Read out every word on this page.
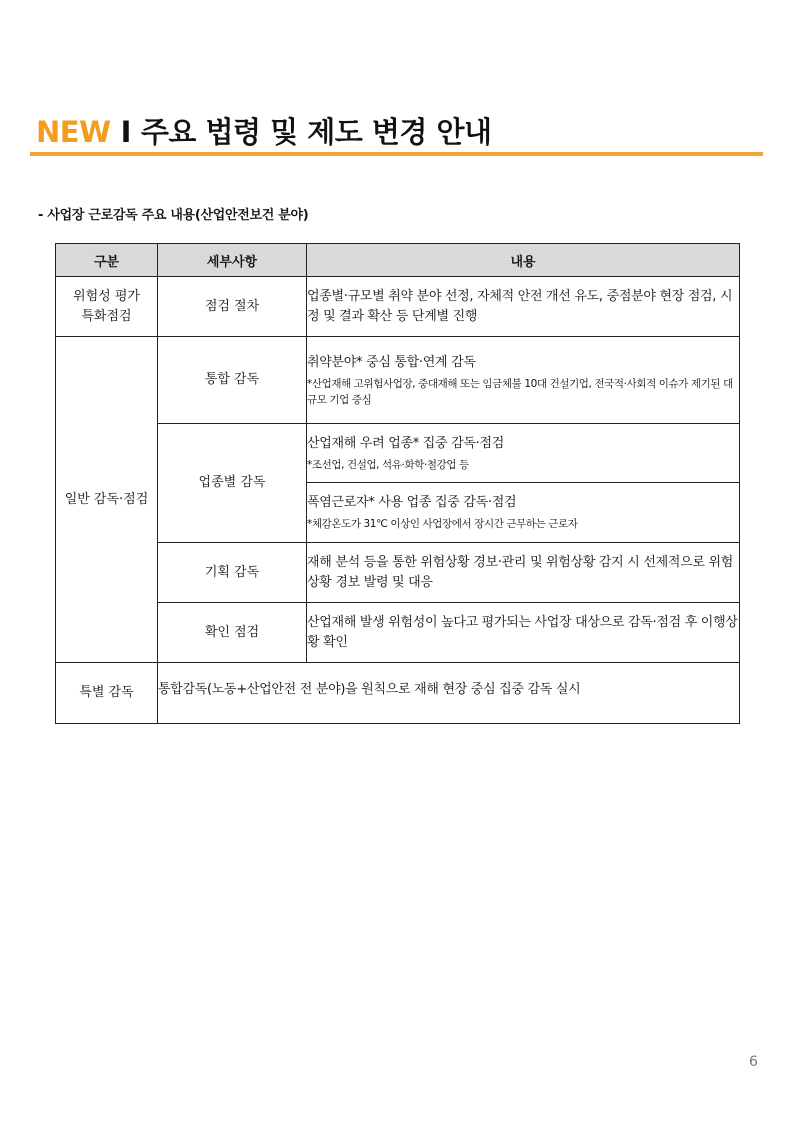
NEW I 주요 법령 및 제도 변경 안내
- 사업장 근로감독 주요 내용(산업안전보건 분야)
구분	세부사항	내용
위험성 평가
특화점검	점검 절차	업종별·규모별 취약 분야 선정, 자체적 안전 개선 유도, 중점분야 현장 점검, 시정 및 결과 확산 등 단계별 진행
일반 감독·점검	통합 감독	취약분야* 중심 통합·연계 감독
*산업재해 고위험사업장, 중대재해 또는 임금체불 10대 건설기업, 전국적·사회적 이슈가 제기된 대규모 기업 중심

	업종별 감독	산업재해 우려 업종* 집중 감독·점검
*조선업, 건설업, 석유·화학·철강업 등

		폭염근로자* 사용 업종 집중 감독·점검
*체감온도가 31℃ 이상인 사업장에서 장시간 근무하는 근로자

	기획 감독	재해 분석 등을 통한 위험상황 경보·관리 및 위험상황 감지 시 선제적으로 위험상황 경보 발령 및 대응
	확인 점검	산업재해 발생 위험성이 높다고 평가되는 사업장 대상으로 감독·점검 후 이행상황 확인
특별 감독	통합감독(노동+산업안전 전 분야)을 원칙으로 재해 현장 중심 집중 감독 실시	
6
